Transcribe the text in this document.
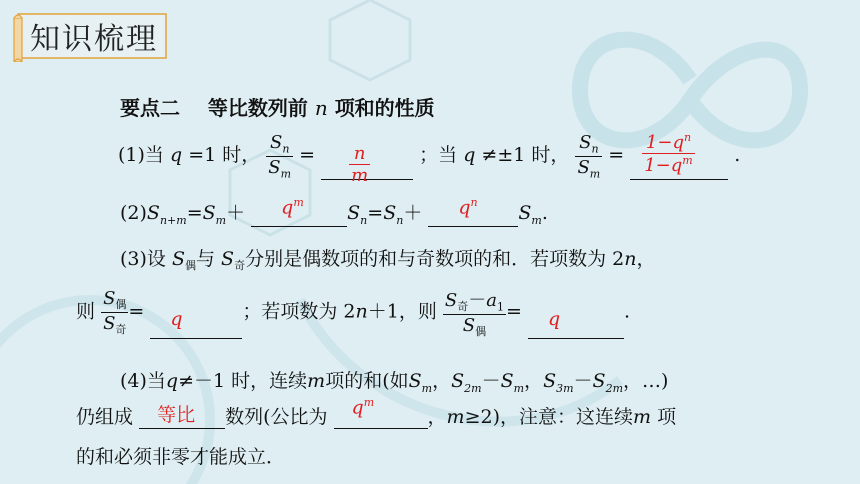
知识梳理
要点二 等比数列前 n 项和的性质
(1)当 q =1 时， $\frac{S_n}{S_m} = \frac{n}{m}$	；当 q ≠±1 时， $\frac{S_n}{S_m} = \frac{1-q^n}{1-q^m}$ .
$(2)S_{n+m}=S_m+ q^m$ $S_n=S_n+ q^n$ $S_m$.
(3)设 $S_偶$与 $S_奇$分别是偶数项的和与奇数项的和．若项数为 2n，
则 $\frac{S_偶}{S_奇} = q$	；若项数为 2n＋1，则 $\frac{S_奇-a_1}{S_偶} = q$	.
(4)当q≠－1 时，连续m项的和(如$S_m$，$S_{2m}-S_m$，$S_{3m}-S_{2m}$，…)
仍组成 等比 数列(公比为 $q^m$
，m≥2)，注意：这连续m 项
的和必须非零才能成立．
